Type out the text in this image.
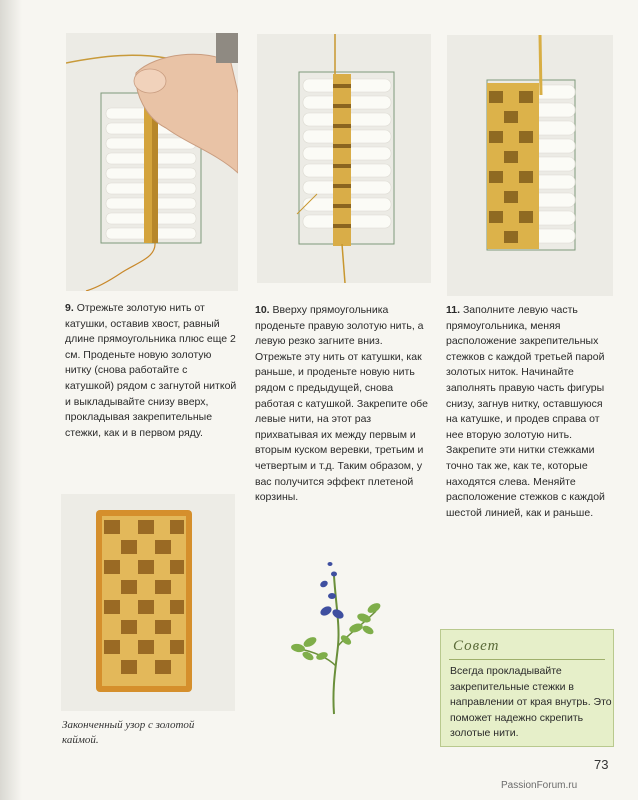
9. Отрежьте золотую нить от катушки, оставив хвост, равный длине прямоугольника плюс еще 2 см. Проденьте новую золотую нитку (снова работайте с катушкой) рядом с загнутой ниткой и выкладывайте снизу вверх, прокладывая закрепительные стежки, как и в первом ряду.
10. Вверху прямоугольника проденьте правую золотую нить, а левую резко загните вниз. Отрежьте эту нить от катушки, как раньше, и проденьте новую нить рядом с предыдущей, снова работая с катушкой. Закрепите обе левые нити, на этот раз прихватывая их между первым и вторым куском веревки, третьим и четвертым и т.д. Таким образом, у вас получится эффект плетеной корзины.
11. Заполните левую часть прямоугольника, меняя расположение закрепительных стежков с каждой третьей парой золотых ниток. Начинайте заполнять правую часть фигуры снизу, загнув нитку, оставшуюся на катушке, и продев справа от нее вторую золотую нить. Закрепите эти нитки стежками точно так же, как те, которые находятся слева. Меняйте расположение стежков с каждой шестой линией, как и раньше.
Законченный узор с золотой каймой.
Совет
Всегда прокладывайте закрепительные стежки в направлении от края внутрь. Это поможет надежно скрепить золотые нити.
73
PassionForum.ru
